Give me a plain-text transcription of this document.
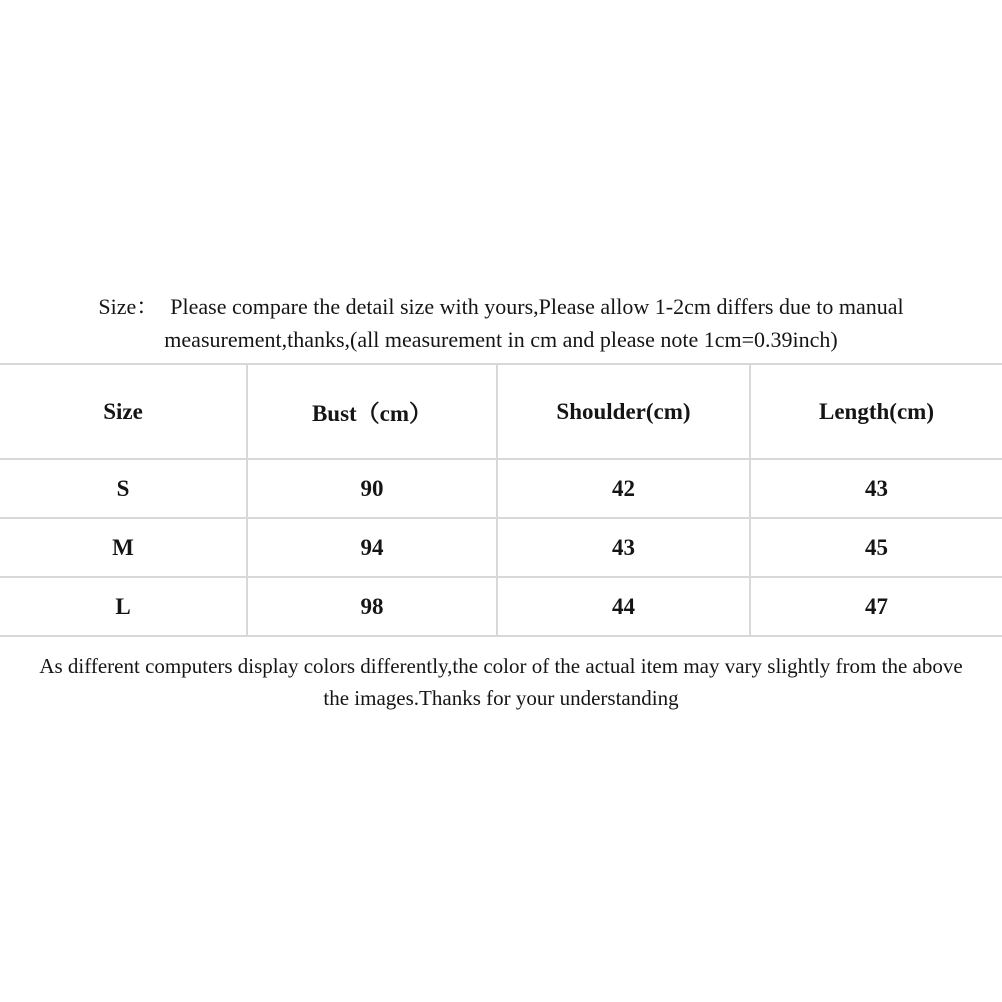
Size： Please compare the detail size with yours,Please allow 1-2cm differs due to manual
measurement,thanks,(all measurement in cm and please note 1cm=0.39inch)
Size	Bust（cm）	Shoulder(cm)	Length(cm)
S	90	42	43
M	94	43	45
L	98	44	47
As different computers display colors differently,the color of the actual item may vary slightly from the above
the images.Thanks for your understanding
